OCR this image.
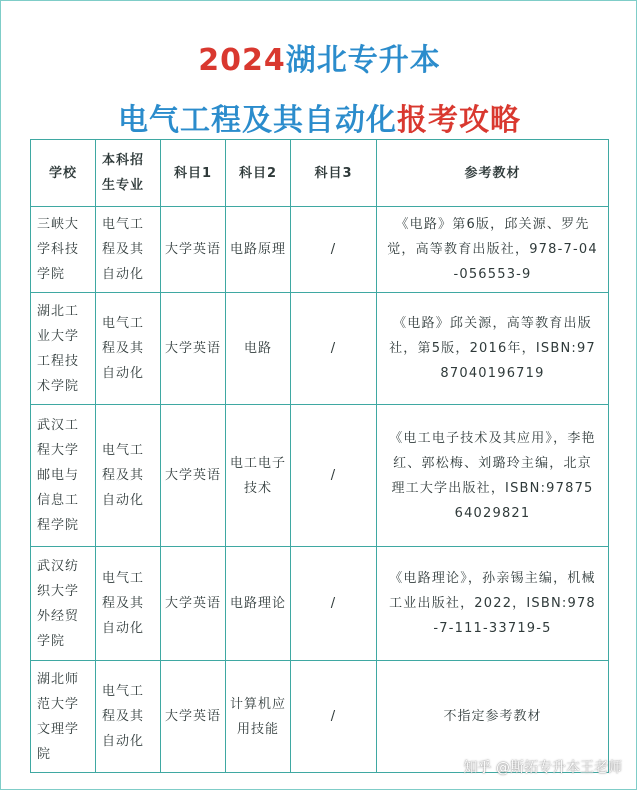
2024湖北专升本
电气工程及其自动化报考攻略
学校	本科招生专业	科目1	科目2	科目3	参考教材
三峡大学科技学院	电气工程及其自动化	大学英语	电路原理	/	《电路》第6版，邱关源、罗先觉，高等教育出版社，978-7-04-056553-9
湖北工业大学工程技术学院	电气工程及其自动化	大学英语	电路	/	《电路》邱关源，高等教育出版社，第5版，2016年，ISBN:9787040196719
武汉工程大学邮电与信息工程学院	电气工程及其自动化	大学英语	电工电子技术	/	《电工电子技术及其应用》，李艳红、郭松梅、刘璐玲主编，北京理工大学出版社，ISBN:9787564029821
武汉纺织大学外经贸学院	电气工程及其自动化	大学英语	电路理论	/	《电路理论》，孙亲锡主编，机械工业出版社，2022，ISBN:978-7-111-33719-5
湖北师范大学文理学院	电气工程及其自动化	大学英语	计算机应用技能	/	不指定参考教材
知乎 @斯拓专升本王老师
